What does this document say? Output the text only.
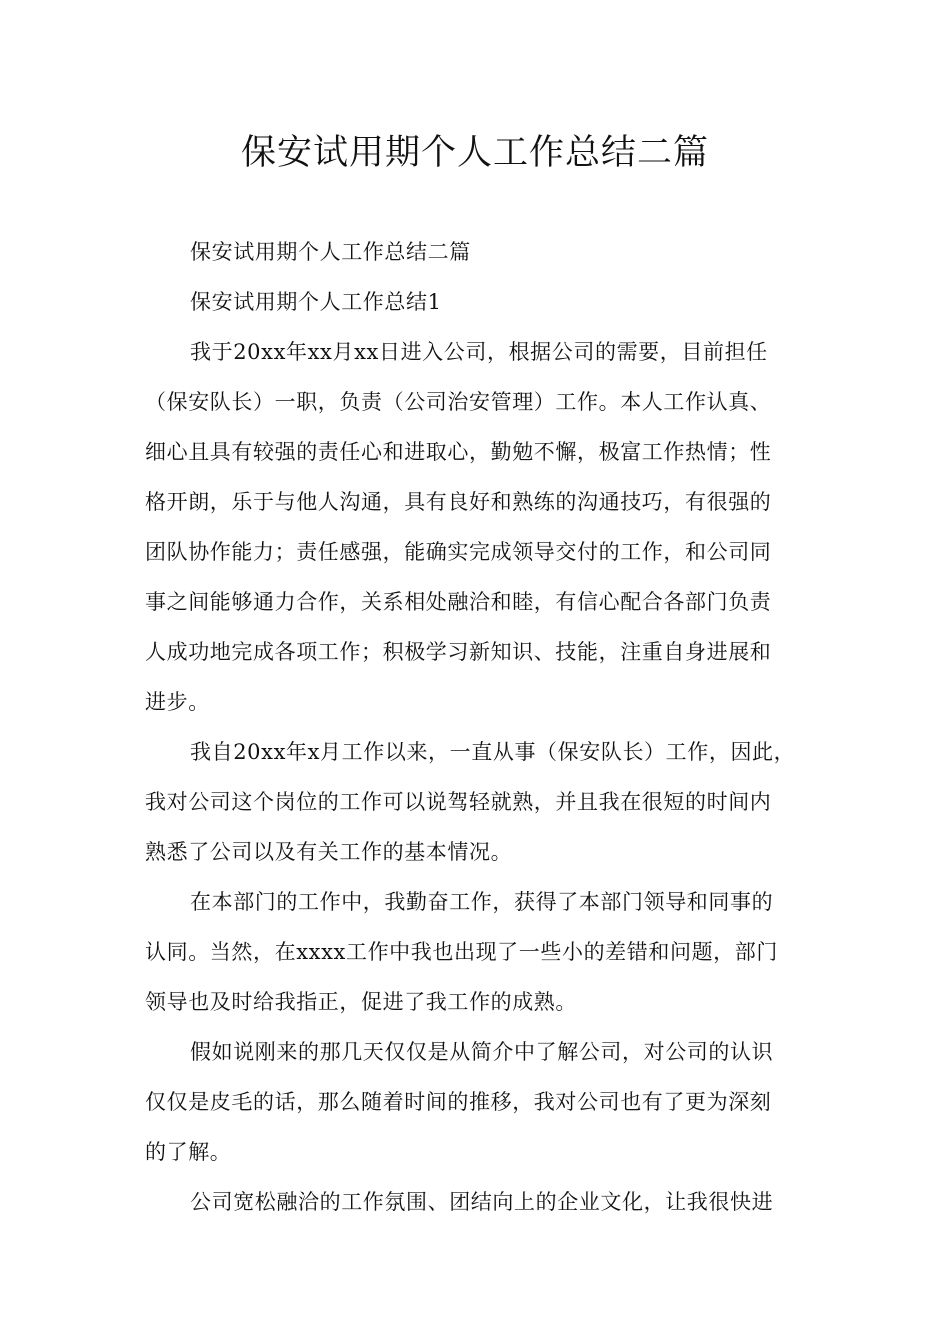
保安试用期个人工作总结二篇
保安试用期个人工作总结二篇
保安试用期个人工作总结1
我于20xx年xx月xx日进入公司，根据公司的需要，目前担任
（保安队长）一职，负责（公司治安管理）工作。本人工作认真、
细心且具有较强的责任心和进取心，勤勉不懈，极富工作热情；性
格开朗，乐于与他人沟通，具有良好和熟练的沟通技巧，有很强的
团队协作能力；责任感强，能确实完成领导交付的工作，和公司同
事之间能够通力合作，关系相处融洽和睦，有信心配合各部门负责
人成功地完成各项工作；积极学习新知识、技能，注重自身进展和
进步。
我自20xx年x月工作以来，一直从事（保安队长）工作，因此，
我对公司这个岗位的工作可以说驾轻就熟，并且我在很短的时间内
熟悉了公司以及有关工作的基本情况。
在本部门的工作中，我勤奋工作，获得了本部门领导和同事的
认同。当然，在xxxx工作中我也出现了一些小的差错和问题，部门
领导也及时给我指正，促进了我工作的成熟。
假如说刚来的那几天仅仅是从简介中了解公司，对公司的认识
仅仅是皮毛的话，那么随着时间的推移，我对公司也有了更为深刻
的了解。
公司宽松融洽的工作氛围、团结向上的企业文化，让我很快进
